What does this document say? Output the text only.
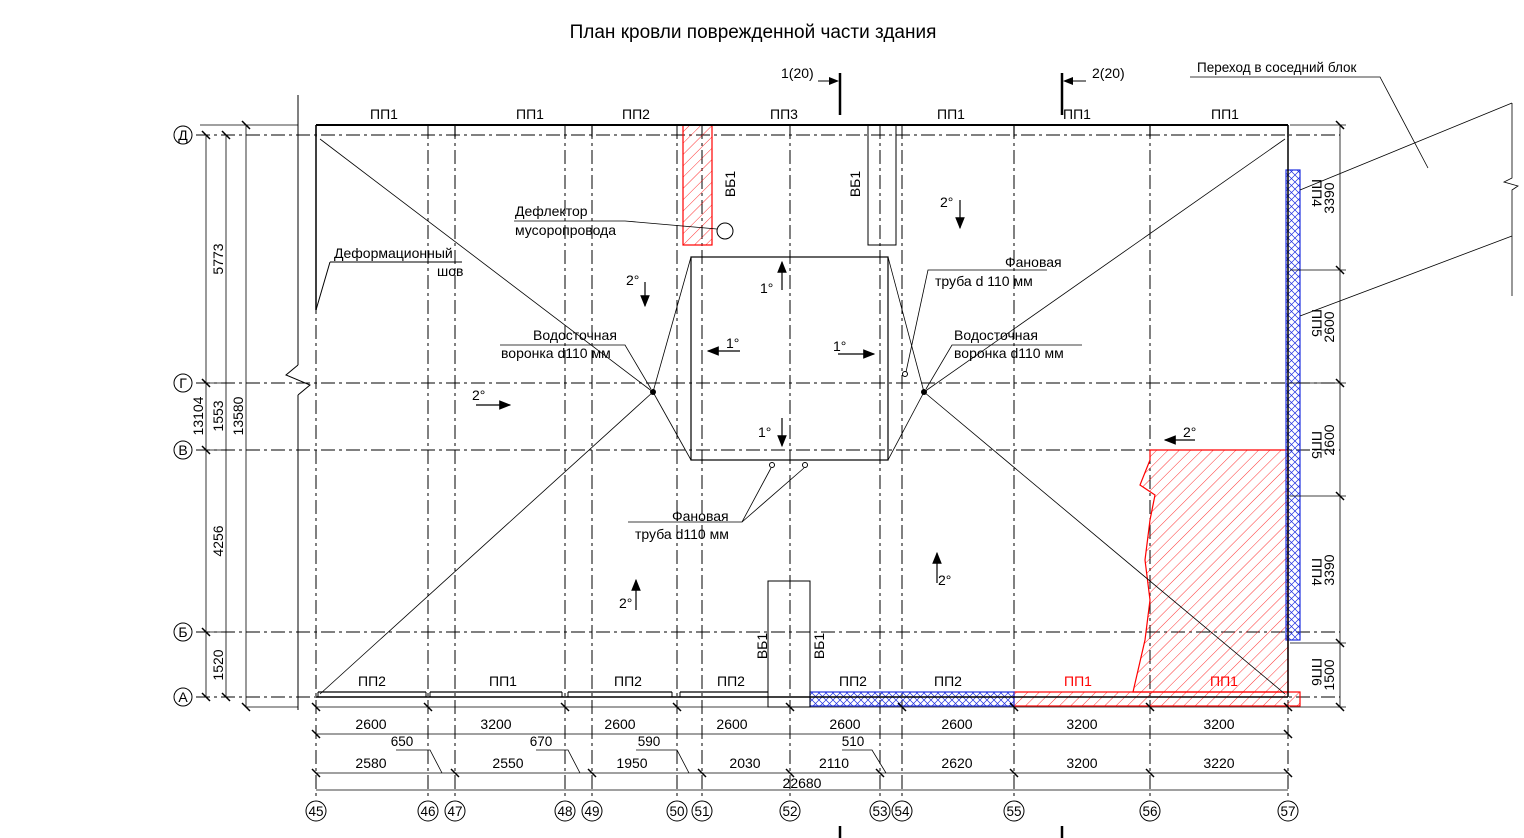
План кровли поврежденной части здания
1(20)	2(20)	Переход в соседний блок
Д
Г
В
Б
А
45	46 47	48 49	50 51	52	53 54	55	56	57
ПП1	ПП1	ПП2	ПП3	ПП1	ПП1	ПП1
ПП2	ПП1	ПП2	ПП2	ПП2	ПП2	ПП1	ПП1
ПП4
ПП5
ПП5
ПП4
ПП6
3390
2600
2600
3390
1500
5773
1553
4256
1520
13104 13580
2600	3200	2600	2600	2600	2600	3200	3200
650	670	590	510
2580	2550	1950	2030	2110	2620	3200	3220
22680
Дефлектор
мусоропровода
Деформационный
шов
Водосточная
воронка d110 мм
Водосточная
воронка d110 мм
Фановая
труба d 110 мм
Фановая
труба d110 мм
ВБ1	ВБ1
ВБ1	ВБ1
2°
2°	1°
1°	1°
2°
1°	2°
2°
2°
